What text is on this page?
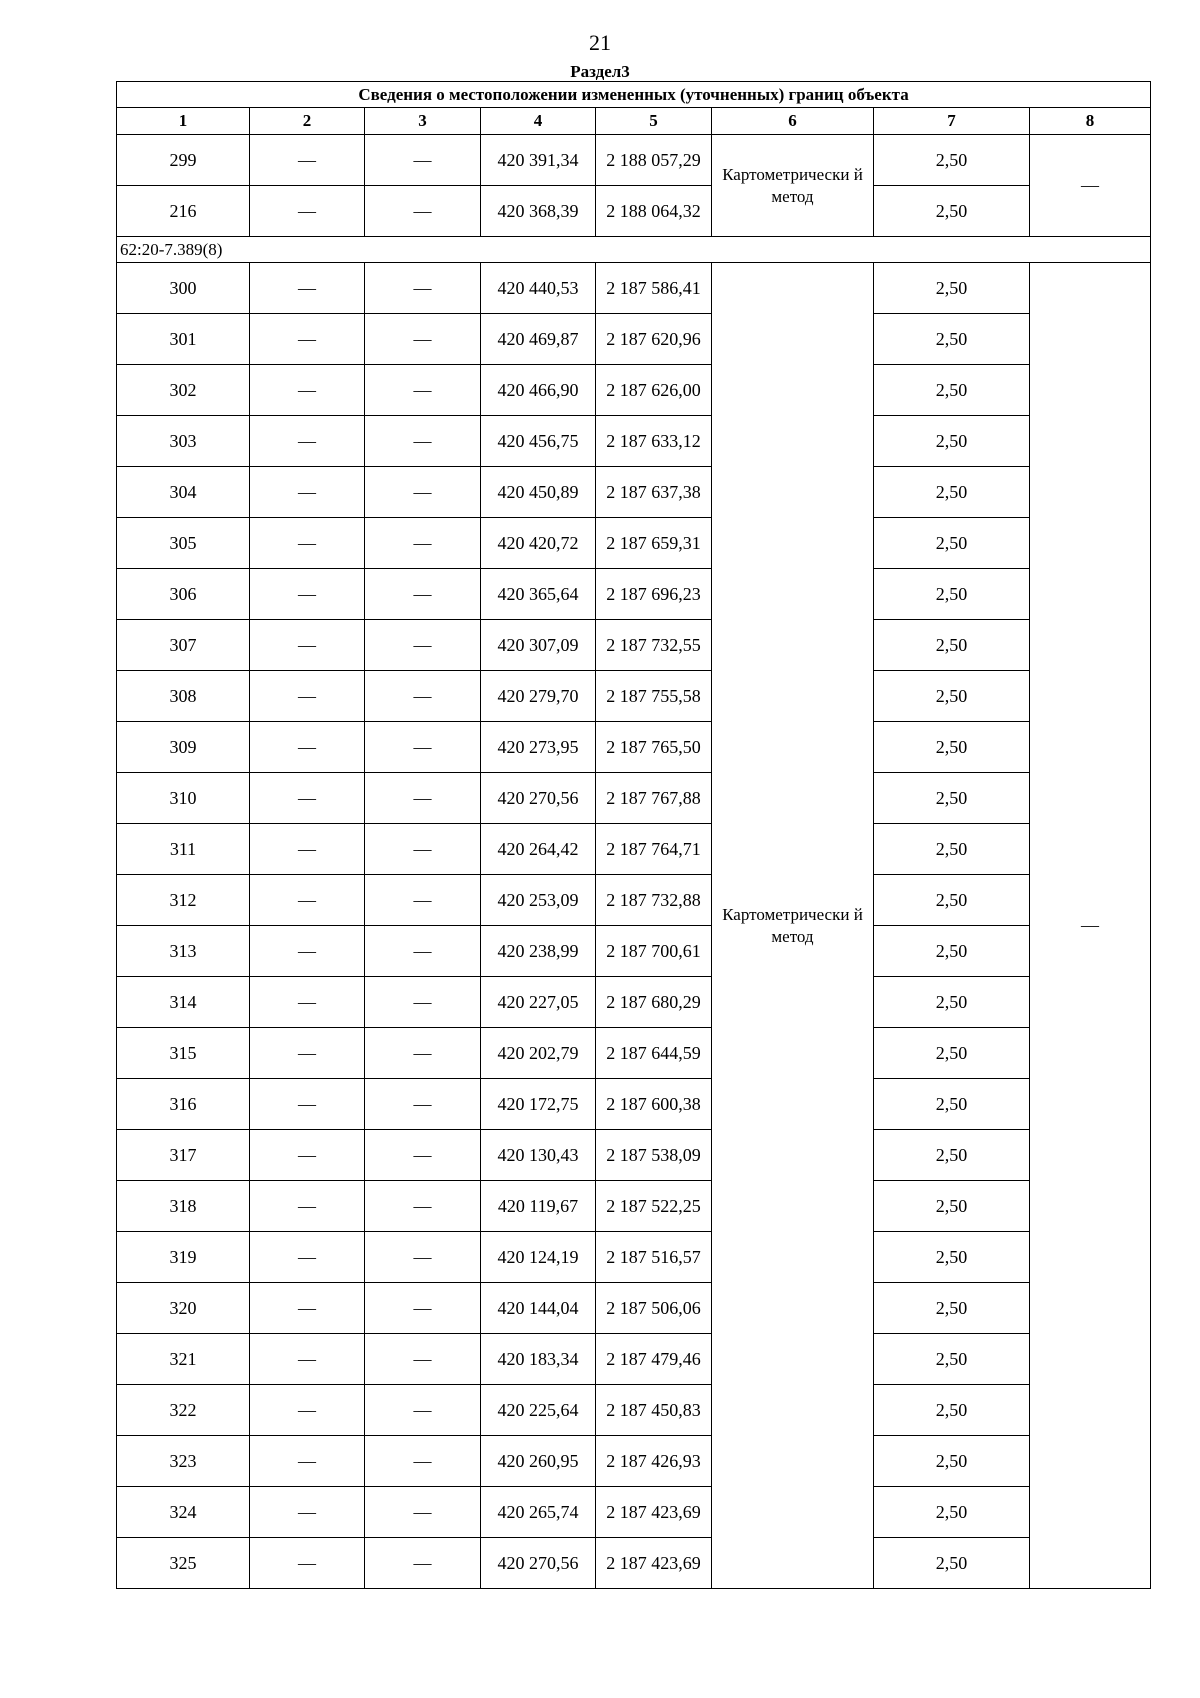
21
Раздел3
Сведения о местоположении измененных (уточненных) границ объекта							
1	2	3	4	5	6	7	8
299	—	—	420 391,34	2 188 057,29	Картометрически й метод	2,50	—
216	—	—	420 368,39	2 188 064,32		2,50	
62:20-7.389(8)							
300	—	—	420 440,53	2 187 586,41	Картометрически й метод	2,50	—
301	—	—	420 469,87	2 187 620,96		2,50	
302	—	—	420 466,90	2 187 626,00		2,50	
303	—	—	420 456,75	2 187 633,12		2,50	
304	—	—	420 450,89	2 187 637,38		2,50	
305	—	—	420 420,72	2 187 659,31		2,50	
306	—	—	420 365,64	2 187 696,23		2,50	
307	—	—	420 307,09	2 187 732,55		2,50	
308	—	—	420 279,70	2 187 755,58		2,50	
309	—	—	420 273,95	2 187 765,50		2,50	
310	—	—	420 270,56	2 187 767,88		2,50	
311	—	—	420 264,42	2 187 764,71		2,50	
312	—	—	420 253,09	2 187 732,88		2,50	
313	—	—	420 238,99	2 187 700,61		2,50	
314	—	—	420 227,05	2 187 680,29		2,50	
315	—	—	420 202,79	2 187 644,59		2,50	
316	—	—	420 172,75	2 187 600,38		2,50	
317	—	—	420 130,43	2 187 538,09		2,50	
318	—	—	420 119,67	2 187 522,25		2,50	
319	—	—	420 124,19	2 187 516,57		2,50	
320	—	—	420 144,04	2 187 506,06		2,50	
321	—	—	420 183,34	2 187 479,46		2,50	
322	—	—	420 225,64	2 187 450,83		2,50	
323	—	—	420 260,95	2 187 426,93		2,50	
324	—	—	420 265,74	2 187 423,69		2,50	
325	—	—	420 270,56	2 187 423,69		2,50	
